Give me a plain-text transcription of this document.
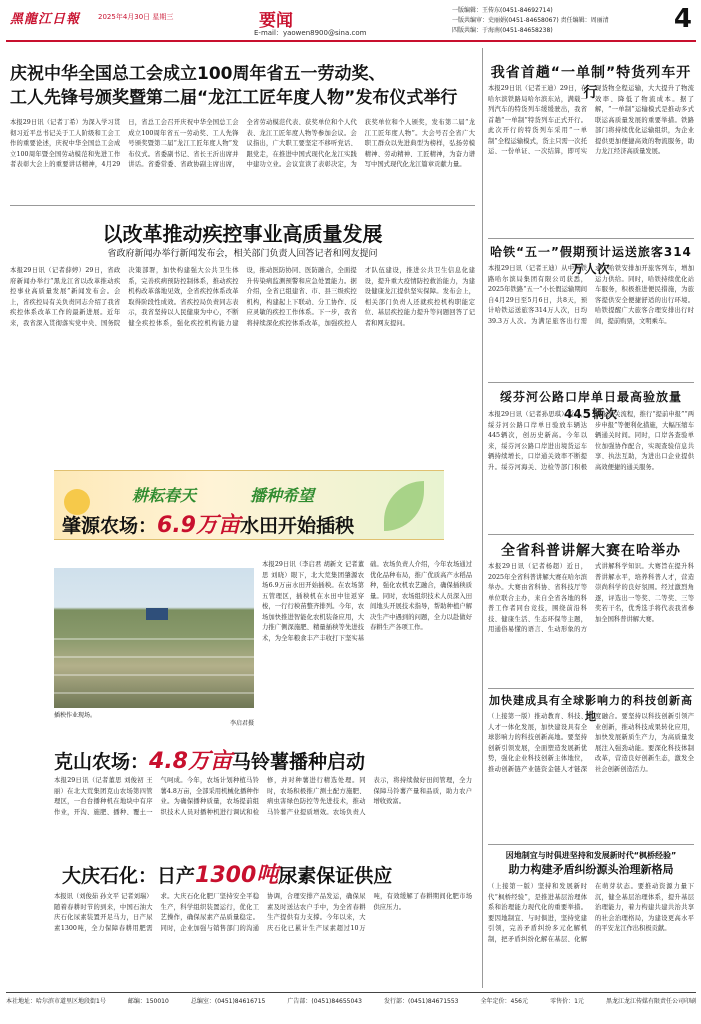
黑龍江日報	2025年4月30日 星期三	要闻
E-mail：yaowen8900@sina.com
一版编辑：王传东(0451-84692714)
一版共编审：史丽娟(0451-84658067) 责任编辑：周丽清
四版共编：于海南(0451-84658238)	4
庆祝中华全国总工会成立100周年省五一劳动奖、
工人先锋号颁奖暨第二届“龙江工匠年度人物”发布仪式举行
本报29日讯（记者丁希）为深入学习贯彻习近平总书记关于工人阶级和工会工作的重要论述，庆祝中华全国总工会成立100周年暨全国劳动模范和先进工作者表彰大会上的重要讲话精神，4月29日，省总工会召开庆祝中华全国总工会成立100周年省五一劳动奖、工人先锋号颁奖暨第二届“龙江工匠年度人物”发布仪式。省委副书记、省长王沂出席并讲话。省委常委、省政协副主席出席，全省劳动模范代表、获奖单位和个人代表、龙江工匠年度人物等参加会议。会议指出，广大职工要坚定不移听党话、跟党走，在推进中国式现代化龙江实践中建功立业。会议宣读了表彰决定，为获奖单位和个人颁奖，发布第二届“龙江工匠年度人物”。大会号召全省广大职工群众以先进典型为榜样，弘扬劳模精神、劳动精神、工匠精神，为奋力谱写中国式现代化龙江篇章贡献力量。
以改革推动疾控事业高质量发展
省政府新闻办举行新闻发布会，相关部门负责人回答记者和网友提问
本报29日讯（记者薛婷）29日，省政府新闻办举行“黑龙江省以改革推动疾控事业高质量发展”新闻发布会。会上，省疾控局有关负责同志介绍了我省疾控体系改革工作的最新进展。近年来，我省深入贯彻落实党中央、国务院决策部署，加快构建强大公共卫生体系，完善疾病预防控制体系，推动疾控机构改革落地见效，全省疾控体系改革取得阶段性成效。省疾控局负责同志表示，我省坚持以人民健康为中心，不断健全疾控体系，强化疾控机构能力建设，推动医防协同、医防融合，全面提升传染病监测预警和应急处置能力。据介绍，全省已组建省、市、县三级疾控机构，构建起上下联动、分工协作、反应灵敏的疾控工作体系。下一步，我省将持续深化疾控体系改革，加强疾控人才队伍建设，推进公共卫生信息化建设，提升重大疫情防控救治能力，为建设健康龙江提供坚实保障。发布会上，相关部门负责人还就疾控机构职能定位、基层疾控能力提升等问题回答了记者和网友提问。
耕耘春天	播种希望
肇源农场：6.9万亩水田开始插秧
本报29日讯（李启君 胡新文 记者董思 刘晓）眼下，北大荒集团肇源农场6.9万亩水田开始插秧。在农场第五管理区，插秧机在水田中往返穿梭，一行行秧苗整齐排列。今年，农场加快推进智能化农机装备应用，大力推广侧深施肥、精量插秧等先进技术，为全年粮食丰产丰收打下坚实基础。农场负责人介绍，今年农场通过优化品种布局，推广优质高产水稻品种，强化农机农艺融合，确保插秧质量。同时，农场组织技术人员深入田间地头开展技术指导，帮助种植户解决生产中遇到的问题，全力以赴做好春耕生产各项工作。
插秧作业现场。
李启君摄
克山农场：4.8万亩马铃薯播种启动
本报29日讯（记者董思 刘俊初 王丽）在北大荒集团克山农场第四管理区，一台台播种机在地块中有序作业，开沟、施肥、播种、覆土一气呵成。今年，农场计划种植马铃薯4.8万亩，全部采用机械化播种作业。为确保播种质量，农场提前组织技术人员对播种机进行调试和检修，并对种薯进行精选处理。同时，农场积极推广测土配方施肥、病虫害绿色防控等先进技术，推动马铃薯产业提质增效。农场负责人表示，将持续做好田间管理，全力保障马铃薯产量和品质，助力农户增收致富。
大庆石化：日产1300吨尿素保证供应
本报讯（刘俊茹 孙文平 记者刘瑞）随着春耕时节的到来，中国石油大庆石化尿素装置开足马力，日产尿素1300吨，全力保障春耕用肥需求。大庆石化化肥厂坚持安全平稳生产，科学组织装置运行，优化工艺操作，确保尿素产品质量稳定。同时，企业加强与销售部门的沟通协调，合理安排产品发运，确保尿素及时送达农户手中，为全省春耕生产提供有力支撑。今年以来，大庆石化已累计生产尿素超过10万吨，有效缓解了春耕期间化肥市场供应压力。
我省首趟“一单制”特货列车开行
本报29日讯（记者王迪）29日，在哈尔滨铁路局哈尔滨东站，满载一列汽车的特货列车缓缓驶出，我省首趟“一单制”特货列车正式开行。此次开行的特货列车采用“一单制”全程运输模式，货主只需一次托运、一份单证、一次结算，即可实现货物全程运输，大大提升了物流效率、降低了物流成本。据了解，“一单制”运输模式是推动多式联运高质量发展的重要举措。铁路部门将持续优化运输组织，为企业提供更加便捷高效的物流服务，助力龙江经济高质量发展。
哈铁“五一”假期预计运送旅客314万人次
本报29日讯（记者王迪）从中国铁路哈尔滨局集团有限公司获悉，2025年铁路“五一”小长假运输期间自4月29日至5月6日，共8天，预计哈铁运送旅客314万人次，日均39.3万人次。为满足旅客出行需求，哈铁安排加开旅客列车，增加运力供给。同时，哈铁持续优化站车服务，积极推进便民措施，为旅客提供安全便捷舒适的出行环境。哈铁提醒广大旅客合理安排出行时间，提前购票，文明乘车。
绥芬河公路口岸单日最高验放量445辆次
本报29日讯（记者孙思琪）近日，绥芬河公路口岸单日验放车辆达445辆次，创历史新高。今年以来，绥芬河公路口岸进出境货运车辆持续增长，口岸通关效率不断提升。绥芬河海关、边检等部门积极优化通关流程，推行“提前申报”“两步申报”等便利化措施，大幅压缩车辆通关时间。同时，口岸各查验单位加强协作配合，实现查验信息共享、执法互助，为进出口企业提供高效便捷的通关服务。
全省科普讲解大赛在哈举办
本报29日讯（记者杨超）近日，2025年全省科普讲解大赛在哈尔滨举办。大赛由省科协、省科技厅等单位联合主办，来自全省各地的科普工作者同台竞技，围绕前沿科技、健康生活、生态环保等主题，用通俗易懂的语言、生动形象的方式讲解科学知识。大赛旨在提升科普讲解水平，培养科普人才，营造崇尚科学的良好氛围。经过激烈角逐，评选出一等奖、二等奖、三等奖若干名，优秀选手将代表我省参加全国科普讲解大赛。
加快建成具有全球影响力的科技创新高地
（上接第一版）推动教育、科技、人才一体化发展，加快建设具有全球影响力的科技创新高地。要坚持创新引领发展，全面塑造发展新优势，强化企业科技创新主体地位，推动创新链产业链资金链人才链深度融合。要坚持以科技创新引领产业创新，推动科技成果转化应用，加快发展新质生产力，为高质量发展注入强劲动能。要深化科技体制改革，营造良好创新生态，激发全社会创新创造活力。
因地制宜与时俱进坚持和发展新时代“枫桥经验”
助力构建矛盾纠纷源头治理新格局
（上接第一版）坚持和发展新时代“枫桥经验”，是推进基层治理体系和治理能力现代化的重要举措。要因地制宜、与时俱进，坚持党建引领，完善矛盾纠纷多元化解机制，把矛盾纠纷化解在基层、化解在萌芽状态。要推动资源力量下沉，健全基层治理体系，提升基层治理能力，着力构建共建共治共享的社会治理格局，为建设更高水平的平安龙江作出积极贡献。
本社地址：哈尔滨市道里区地段街1号	邮编：150010	总编室：(0451)84616715	广告部：(0451)84655043	发行部：(0451)84671553	全年定价：456元	零售价：1元	黑龙江龙江传媒有限责任公司印刷
